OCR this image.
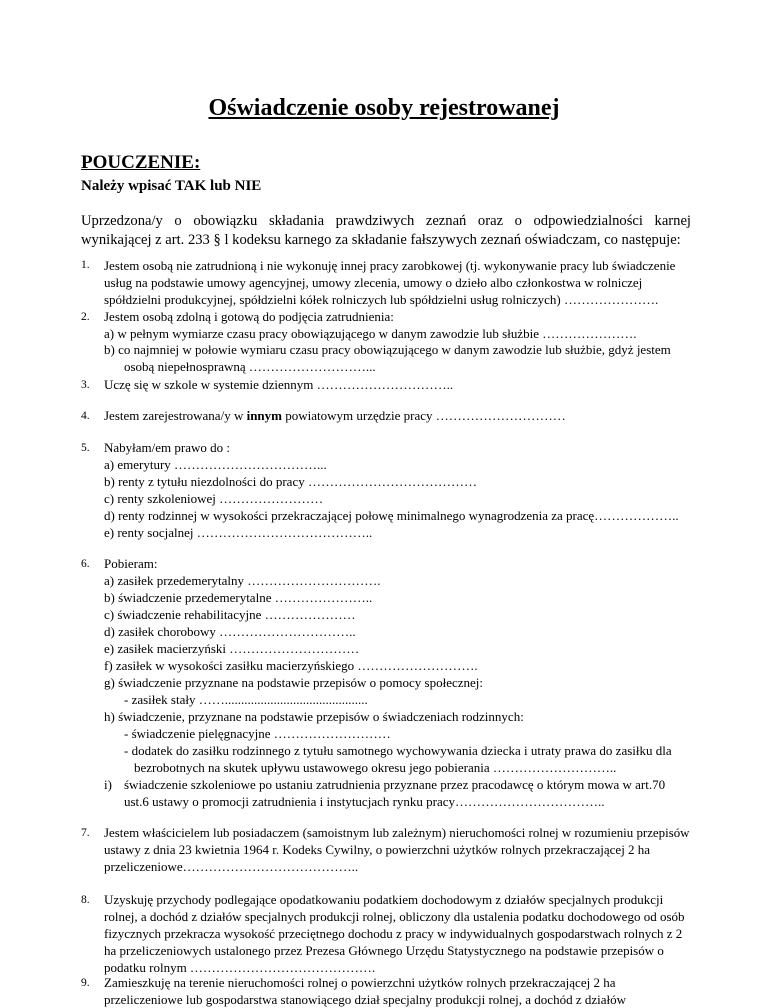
Oświadczenie osoby rejestrowanej
POUCZENIE:
Należy wpisać TAK lub NIE
Uprzedzona/y o obowiązku składania prawdziwych zeznań oraz o odpowiedzialności karnej wynikającej z art. 233 § l kodeksu karnego za składanie fałszywych zeznań oświadczam, co następuje:
1. Jestem osobą nie zatrudnioną i nie wykonuję innej pracy zarobkowej (tj. wykonywanie pracy lub świadczenie
usług na podstawie umowy agencyjnej, umowy zlecenia, umowy o dzieło albo członkostwa w rolniczej
spółdzielni produkcyjnej, spółdzielni kółek rolniczych lub spółdzielni usług rolniczych) ………………….
2. Jestem osobą zdolną i gotową do podjęcia zatrudnienia:
a) w pełnym wymiarze czasu pracy obowiązującego w danym zawodzie lub służbie ………………….
b) co najmniej w połowie wymiaru czasu pracy obowiązującego w danym zawodzie lub służbie, gdyż jestem
osobą niepełnosprawną ………………………...
3. Uczę się w szkole w systemie dziennym …………………………..
4. Jestem zarejestrowana/y w innym powiatowym urzędzie pracy …………………………
5. Nabyłam/em prawo do :
a) emerytury ……………………………...
b) renty z tytułu niezdolności do pracy …………………………………
c) renty szkoleniowej ……………………
d) renty rodzinnej w wysokości przekraczającej połowę minimalnego wynagrodzenia za pracę………………..
e) renty socjalnej …………………………………..
6. Pobieram:
a) zasiłek przedemerytalny ………………………….
b) świadczenie przedemerytalne …………………..
c) świadczenie rehabilitacyjne …………………
d) zasiłek chorobowy …………………………..
e) zasiłek macierzyński …………………………
f) zasiłek w wysokości zasiłku macierzyńskiego ……………………….
g) świadczenie przyznane na podstawie przepisów o pomocy społecznej:
- zasiłek stały ……............................................
h) świadczenie, przyznane na podstawie przepisów o świadczeniach rodzinnych:
- świadczenie pielęgnacyjne ………………………
- dodatek do zasiłku rodzinnego z tytułu samotnego wychowywania dziecka i utraty prawa do zasiłku dla
bezrobotnych na skutek upływu ustawowego okresu jego pobierania ………………………..
i) świadczenie szkoleniowe po ustaniu zatrudnienia przyznane przez pracodawcę o którym mowa w art.70
ust.6 ustawy o promocji zatrudnienia i instytucjach rynku pracy……………………………..
7. Jestem właścicielem lub posiadaczem (samoistnym lub zależnym) nieruchomości rolnej w rozumieniu przepisów
ustawy z dnia 23 kwietnia 1964 r. Kodeks Cywilny, o powierzchni użytków rolnych przekraczającej 2 ha
przeliczeniowe…………………………………..
8. Uzyskuję przychody podlegające opodatkowaniu podatkiem dochodowym z działów specjalnych produkcji
rolnej, a dochód z działów specjalnych produkcji rolnej, obliczony dla ustalenia podatku dochodowego od osób
fizycznych przekracza wysokość przeciętnego dochodu z pracy w indywidualnych gospodarstwach rolnych z 2
ha przeliczeniowych ustalonego przez Prezesa Głównego Urzędu Statystycznego na podstawie przepisów o
podatku rolnym …………………………………….
9. Zamieszkuję na terenie nieruchomości rolnej o powierzchni użytków rolnych przekraczającej 2 ha
przeliczeniowe lub gospodarstwa stanowiącego dział specjalny produkcji rolnej, a dochód z działów
